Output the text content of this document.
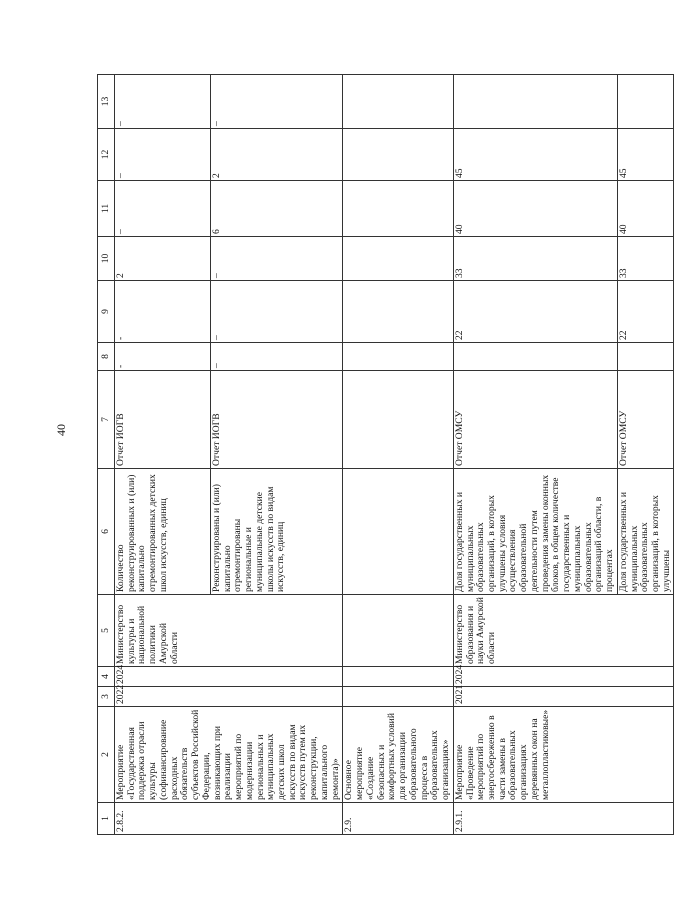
40
1	2	3	4	5	6	7	8	9	10	11	12	13
2.8.2.	Мероприятие «Государственная поддержка отрасли культуры (софинансирование расходных обязательств субъектов Российской Федерации, возникающих при реализации мероприятий по модернизации региональных и муниципальных детских школ искусств по видам искусств путем их реконструкции, капитального ремонта)»	2022	2024	Министерство культуры и национальной политики Амурской области	Количество реконструированных и (или) капитально отремонтированных детских школ искусств, единиц	Отчет ИОГВ	-	-	2	–	–	–
					Реконструированы и (или) капитально отремонтированы региональные и муниципальные детские школы искусств по видам искусств, единиц	Отчет ИОГВ	–	–	–	6	2	–
2.9.	Основное мероприятие «Создание безопасных и комфортных условий для организации образовательного процесса в образовательных организациях»											
2.9.1.	Мероприятие «Проведение мероприятий по энергосбережению в части замены в образовательных организациях деревянных окон на металлопластиковые»	2021	2024	Министерство образования и науки Амурской области	Доля государственных и муниципальных образовательных организаций, в которых улучшены условия осуществления образовательной деятельности путем проведения замены оконных блоков, в общем количестве государственных и муниципальных образовательных организаций области, в процентах	Отчет ОМСУ		22	33	40	45	
					Доля государственных и муниципальных образовательных организаций, в которых улучшены	Отчет ОМСУ		22	33	40	45	
